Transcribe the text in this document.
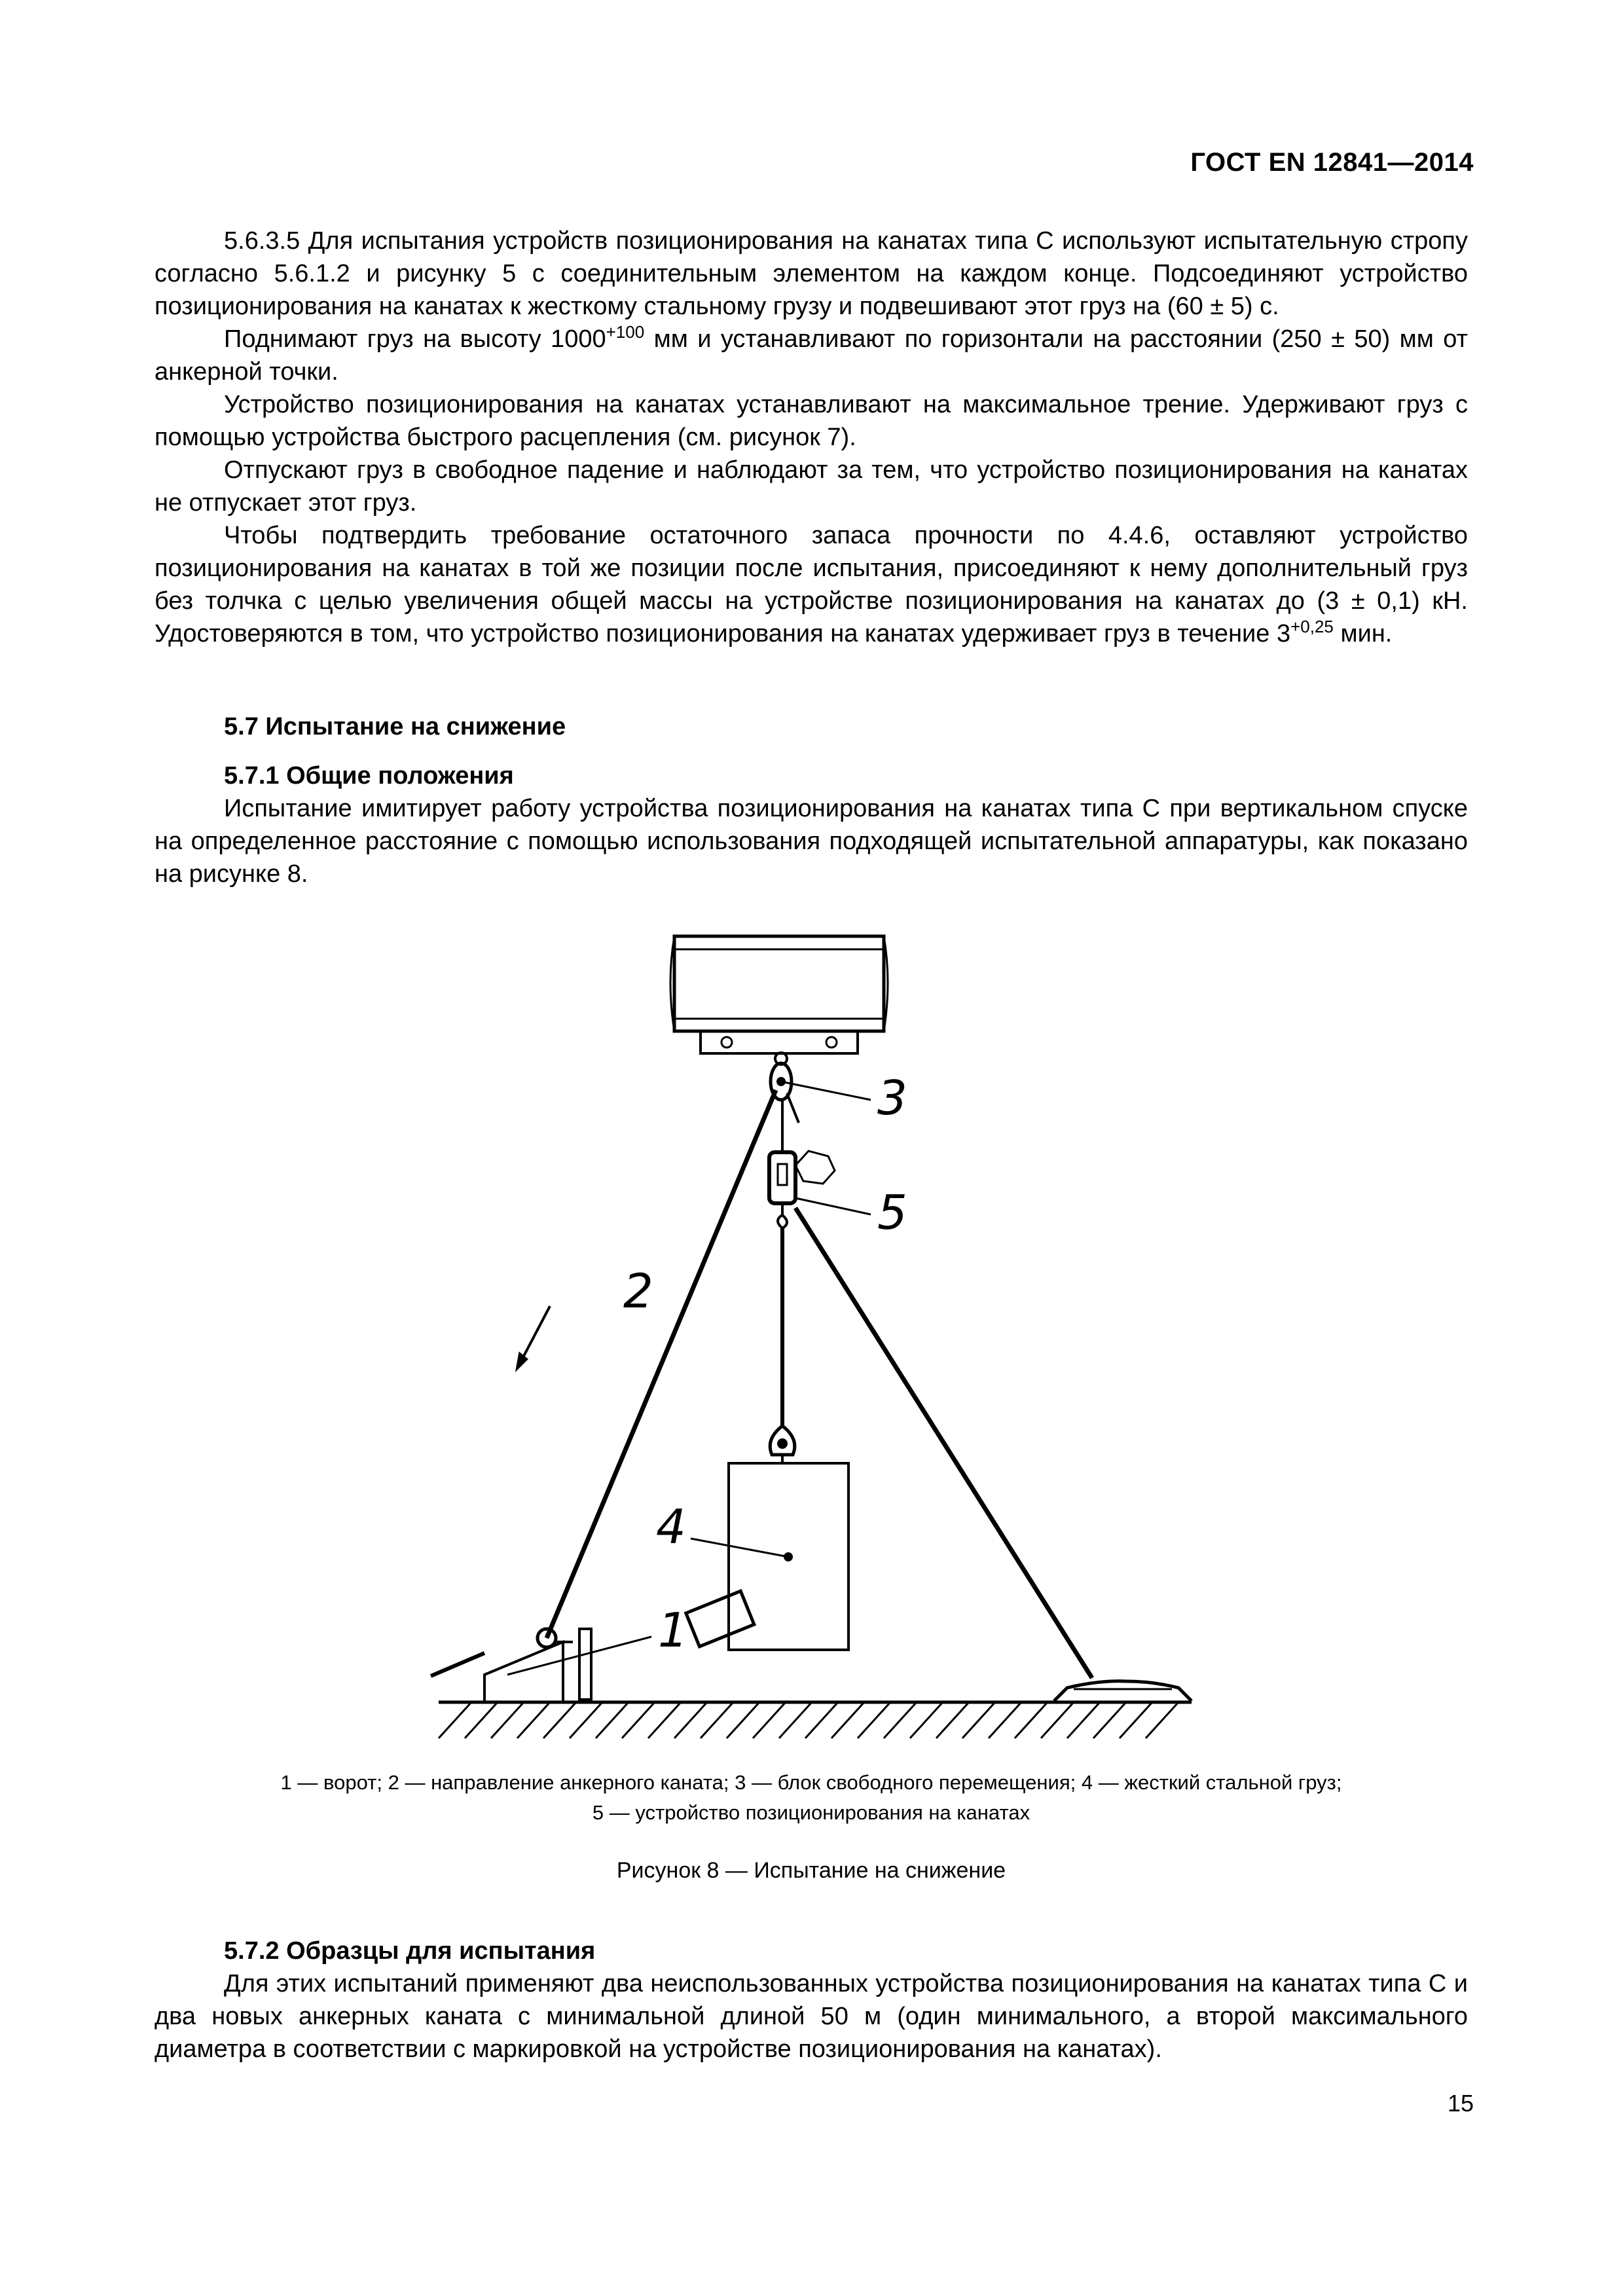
ГОСТ EN 12841—2014

5.6.3.5 Для испытания устройств позиционирования на канатах типа С используют испытательную стропу согласно 5.6.1.2 и рисунку 5 с соединительным элементом на каждом конце. Подсоединяют устройство позиционирования на канатах к жесткому стальному грузу и подвешивают этот груз на (60 ± 5) с.

Поднимают груз на высоту $1000^{+100}$ мм и устанавливают по горизонтали на расстоянии (250 ± 50) мм от анкерной точки.

Устройство позиционирования на канатах устанавливают на максимальное трение. Удерживают груз с помощью устройства быстрого расцепления (см. рисунок 7).

Отпускают груз в свободное падение и наблюдают за тем, что устройство позиционирования на канатах не отпускает этот груз.

Чтобы подтвердить требование остаточного запаса прочности по 4.4.6, оставляют устройство позиционирования на канатах в той же позиции после испытания, присоединяют к нему дополнительный груз без толчка с целью увеличения общей массы на устройстве позиционирования на канатах до (3 ± 0,1) кН. Удостоверяются в том, что устройство позиционирования на канатах удерживает груз в течение $3^{+0,25}$ мин.

5.7 Испытание на снижение
5.7.1 Общие положения

Испытание имитирует работу устройства позиционирования на канатах типа С при вертикальном спуске на определенное расстояние с помощью использования подходящей испытательной аппаратуры, как показано на рисунке 8.

3
5
2
4
1
1 — ворот; 2 — направление анкерного каната; 3 — блок свободного перемещения; 4 — жесткий стальной груз;
5 — устройство позиционирования на канатах
Рисунок 8 — Испытание на снижение
5.7.2 Образцы для испытания

Для этих испытаний применяют два неиспользованных устройства позиционирования на канатах типа С и два новых анкерных каната с минимальной длиной 50 м (один минимального, а второй максимального диаметра в соответствии с маркировкой на устройстве позиционирования на канатах).

15
